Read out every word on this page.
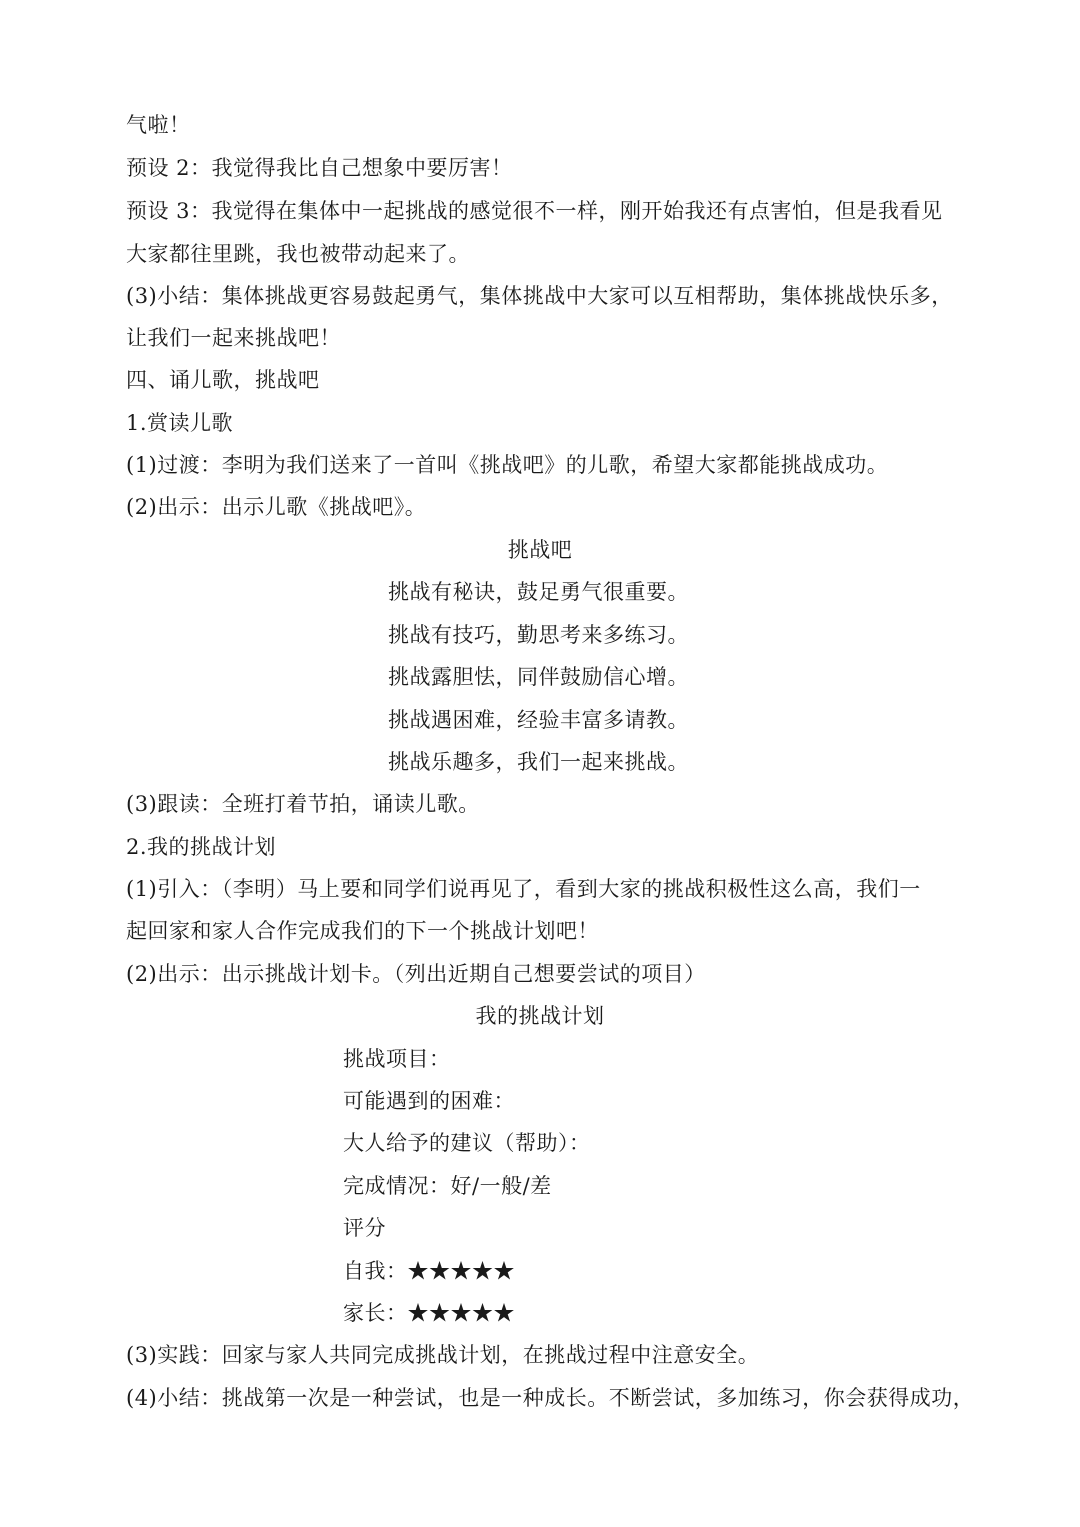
气啦！
预设 2：我觉得我比自己想象中要厉害！
预设 3：我觉得在集体中一起挑战的感觉很不一样，刚开始我还有点害怕，但是我看见
大家都往里跳，我也被带动起来了。
(3)小结：集体挑战更容易鼓起勇气，集体挑战中大家可以互相帮助，集体挑战快乐多，
让我们一起来挑战吧！
四、诵儿歌，挑战吧
1.赏读儿歌
(1)过渡：李明为我们送来了一首叫《挑战吧》的儿歌，希望大家都能挑战成功。
(2)出示：出示儿歌《挑战吧》。
挑战吧
挑战有秘诀，鼓足勇气很重要。
挑战有技巧，勤思考来多练习。
挑战露胆怯，同伴鼓励信心增。
挑战遇困难，经验丰富多请教。
挑战乐趣多，我们一起来挑战。
(3)跟读：全班打着节拍，诵读儿歌。
2.我的挑战计划
(1)引入：（李明）马上要和同学们说再见了，看到大家的挑战积极性这么高，我们一
起回家和家人合作完成我们的下一个挑战计划吧！
(2)出示：出示挑战计划卡。（列出近期自己想要尝试的项目）
我的挑战计划
挑战项目：
可能遇到的困难：
大人给予的建议（帮助）：
完成情况：好/一般/差
评分
自我：★★★★★
家长：★★★★★
(3)实践：回家与家人共同完成挑战计划，在挑战过程中注意安全。
(4)小结：挑战第一次是一种尝试，也是一种成长。不断尝试，多加练习，你会获得成功，
